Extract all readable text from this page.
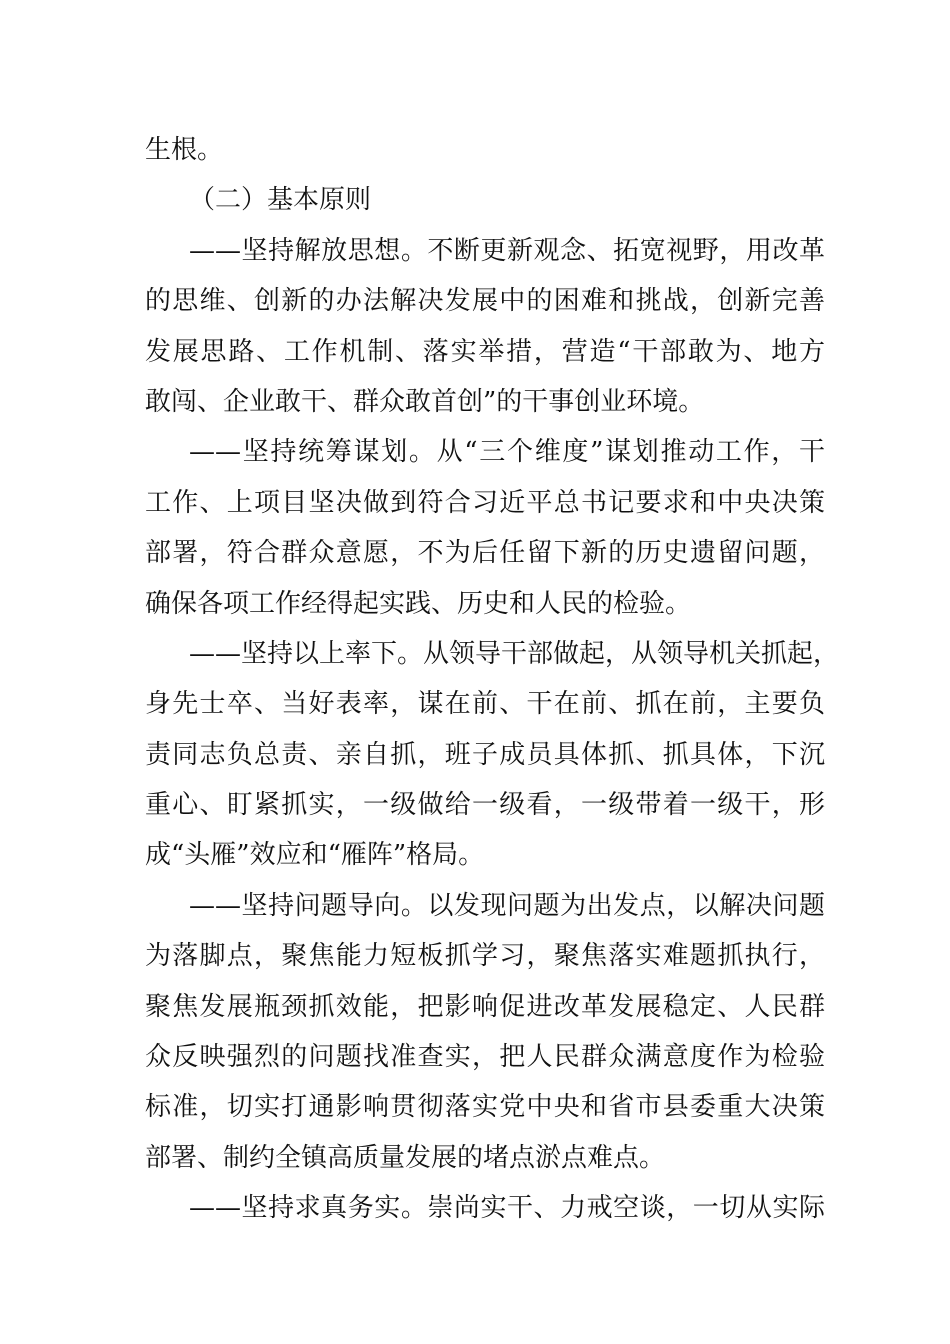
生根。
（二）基本原则
——坚持解放思想。不断更新观念、拓宽视野，用改革
的思维、创新的办法解决发展中的困难和挑战，创新完善
发展思路、工作机制、落实举措，营造“干部敢为、地方
敢闯、企业敢干、群众敢首创”的干事创业环境。
——坚持统筹谋划。从“三个维度”谋划推动工作，干
工作、上项目坚决做到符合习近平总书记要求和中央决策
部署，符合群众意愿，不为后任留下新的历史遗留问题，
确保各项工作经得起实践、历史和人民的检验。
——坚持以上率下。从领导干部做起，从领导机关抓起，
身先士卒、当好表率，谋在前、干在前、抓在前，主要负
责同志负总责、亲自抓，班子成员具体抓、抓具体，下沉
重心、盯紧抓实，一级做给一级看，一级带着一级干，形
成“头雁”效应和“雁阵”格局。
——坚持问题导向。以发现问题为出发点，以解决问题
为落脚点，聚焦能力短板抓学习，聚焦落实难题抓执行，
聚焦发展瓶颈抓效能，把影响促进改革发展稳定、人民群
众反映强烈的问题找准查实，把人民群众满意度作为检验
标准，切实打通影响贯彻落实党中央和省市县委重大决策
部署、制约全镇高质量发展的堵点淤点难点。
——坚持求真务实。崇尚实干、力戒空谈，一切从实际
